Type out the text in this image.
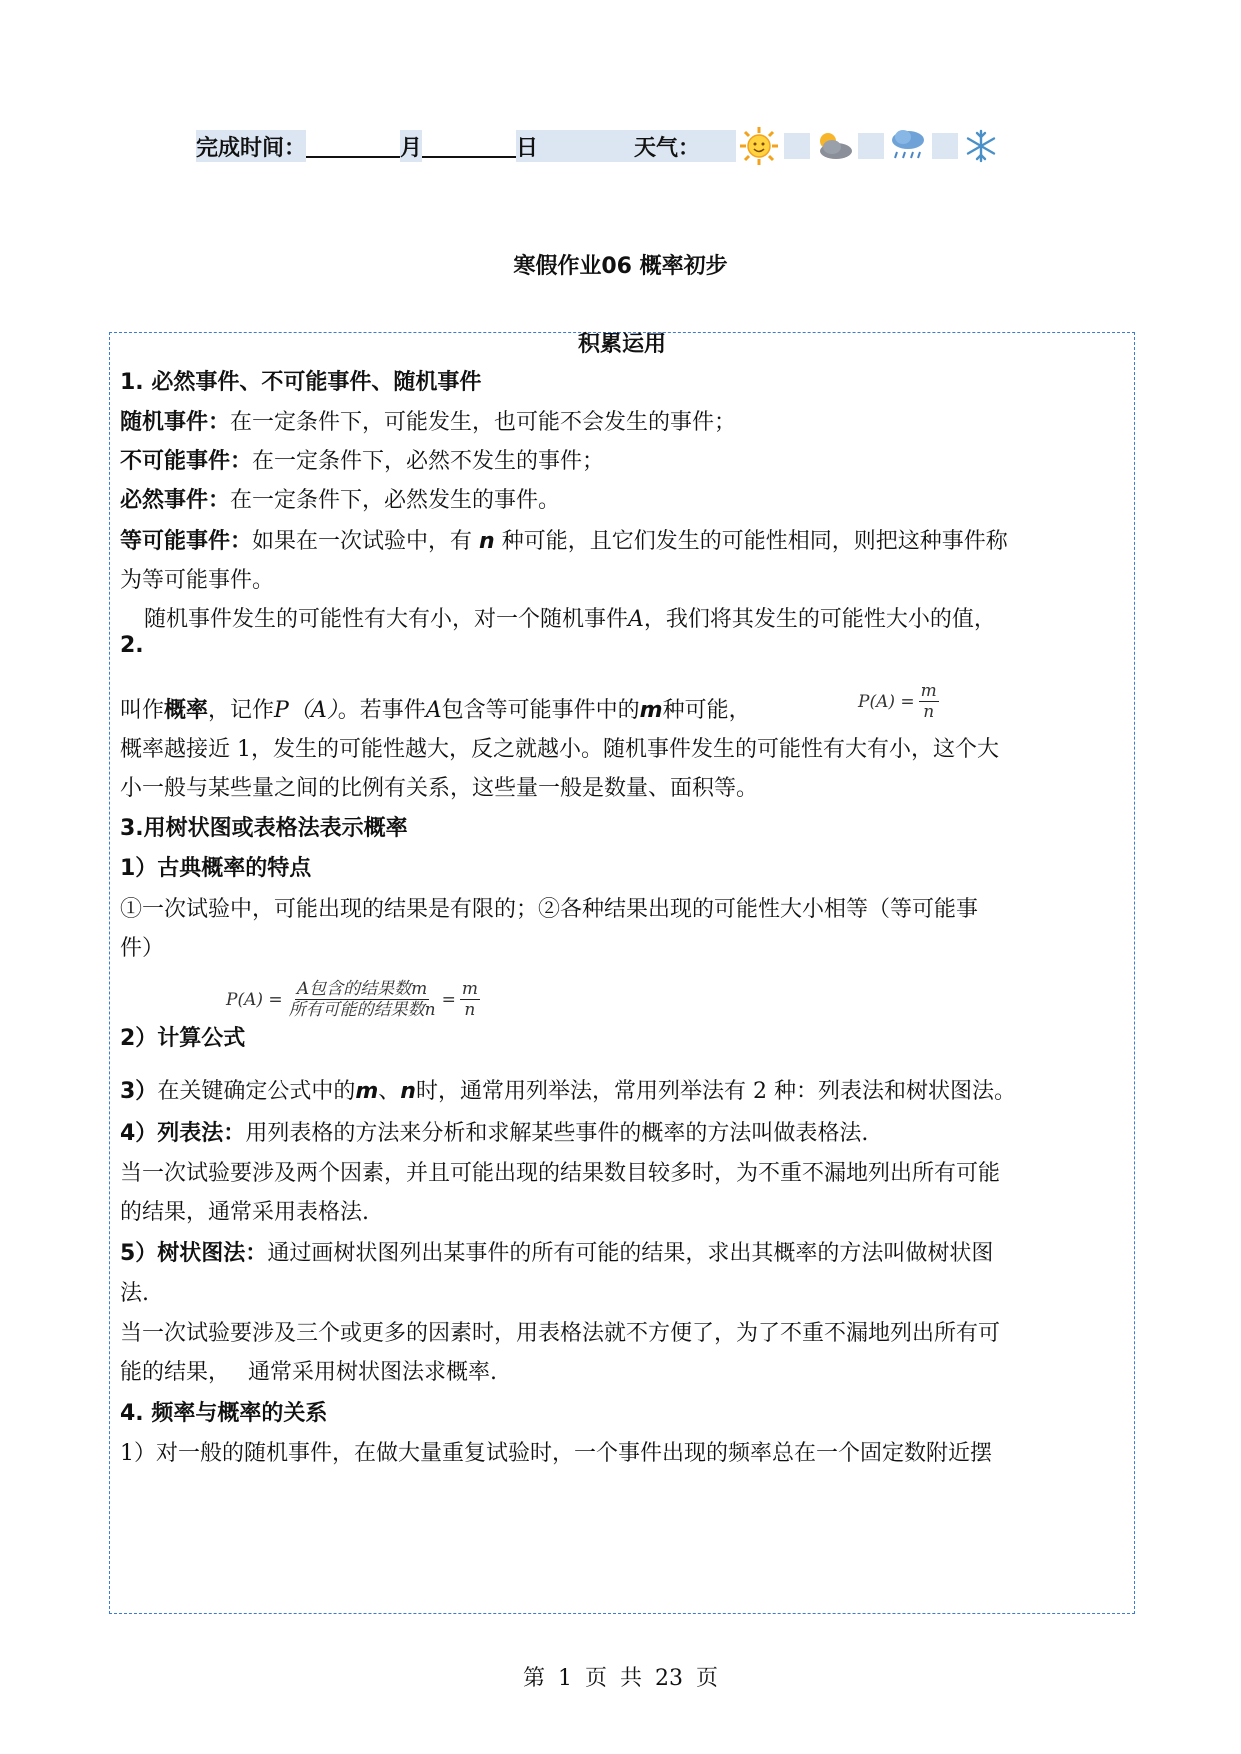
完成时间：	月	日	天气：
寒假作业06 概率初步
积累运用
1. 必然事件、不可能事件、随机事件
随机事件：在一定条件下，可能发生，也可能不会发生的事件；
不可能事件：在一定条件下，必然不发生的事件；
必然事件：在一定条件下，必然发生的事件。
等可能事件：如果在一次试验中，有 n 种可能，且它们发生的可能性相同，则把这种事件称
为等可能事件。
随机事件发生的可能性有大有小，对一个随机事件A，我们将其发生的可能性大小的值，
2.
叫作概率，记作P（A）。若事件A包含等可能事件中的m种可能，	$P(A) = \frac{m}{n}$
概率越接近 1，发生的可能性越大，反之就越小。随机事件发生的可能性有大有小，这个大
小一般与某些量之间的比例有关系，这些量一般是数量、面积等。
3.用树状图或表格法表示概率
1）古典概率的特点
①一次试验中，可能出现的结果是有限的；②各种结果出现的可能性大小相等（等可能事
件）
$P(A) = \frac{\text{A包含的结果数m}}{\text{所有可能的结果数n}} = \frac{m}{n}$
2）计算公式
3）在关键确定公式中的m、n时，通常用列举法，常用列举法有 2 种：列表法和树状图法。
4）列表法：用列表格的方法来分析和求解某些事件的概率的方法叫做表格法.
当一次试验要涉及两个因素，并且可能出现的结果数目较多时，为不重不漏地列出所有可能
的结果，通常采用表格法.
5）树状图法：通过画树状图列出某事件的所有可能的结果，求出其概率的方法叫做树状图
法.
当一次试验要涉及三个或更多的因素时，用表格法就不方便了，为了不重不漏地列出所有可
能的结果，　 通常采用树状图法求概率.
4. 频率与概率的关系
1）对一般的随机事件，在做大量重复试验时，一个事件出现的频率总在一个固定数附近摆
第 1 页 共 23 页
